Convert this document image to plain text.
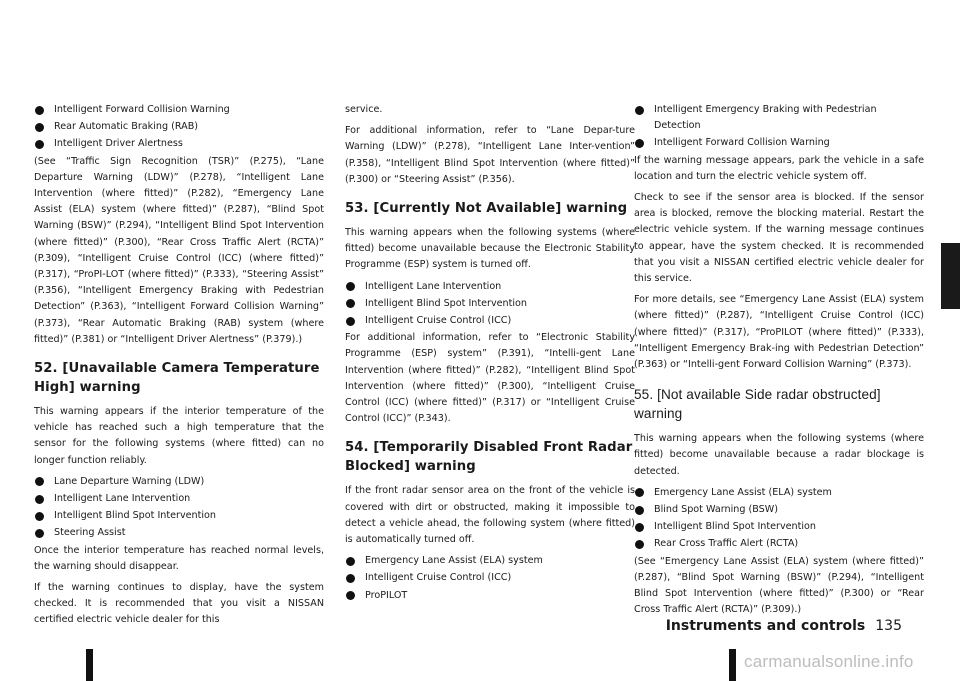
Intelligent Forward Collision Warning
Rear Automatic Braking (RAB)
Intelligent Driver Alertness

(See “Traffic Sign Recognition (TSR)” (P.275), “Lane Departure Warning (LDW)” (P.278), “Intelligent Lane Intervention (where fitted)” (P.282), “Emergency Lane Assist (ELA) system (where fitted)” (P.287), “Blind Spot Warning (BSW)” (P.294), “Intelligent Blind Spot Intervention (where fitted)” (P.300), “Rear Cross Traffic Alert (RCTA)” (P.309), “Intelligent Cruise Control (ICC) (where fitted)” (P.317), “ProPI-LOT (where fitted)” (P.333), “Steering Assist” (P.356), “Intelligent Emergency Braking with Pedestrian Detection” (P.363), “Intelligent Forward Collision Warning” (P.373), “Rear Automatic Braking (RAB) system (where fitted)” (P.381) or “Intelligent Driver Alertness” (P.379).)

52. [Unavailable Camera Temperature High] warning

This warning appears if the interior temperature of the vehicle has reached such a high temperature that the sensor for the following systems (where fitted) can no longer function reliably.

Lane Departure Warning (LDW)
Intelligent Lane Intervention
Intelligent Blind Spot Intervention
Steering Assist

Once the interior temperature has reached normal levels, the warning should disappear.

If the warning continues to display, have the system checked. It is recommended that you visit a NISSAN certified electric vehicle dealer for this

service.

For additional information, refer to “Lane Depar-ture Warning (LDW)” (P.278), “Intelligent Lane Inter-vention” (P.358), “Intelligent Blind Spot Intervention (where fitted)” (P.300) or “Steering Assist” (P.356).

53. [Currently Not Available] warning

This warning appears when the following systems (where fitted) become unavailable because the Electronic Stability Programme (ESP) system is turned off.

Intelligent Lane Intervention
Intelligent Blind Spot Intervention
Intelligent Cruise Control (ICC)

For additional information, refer to “Electronic Stability Programme (ESP) system” (P.391), “Intelli-gent Lane Intervention (where fitted)” (P.282), “Intelligent Blind Spot Intervention (where fitted)” (P.300), “Intelligent Cruise Control (ICC) (where fitted)” (P.317) or “Intelligent Cruise Control (ICC)” (P.343).

54. [Temporarily Disabled Front Radar Blocked] warning

If the front radar sensor area on the front of the vehicle is covered with dirt or obstructed, making it impossible to detect a vehicle ahead, the following system (where fitted) is automatically turned off.

Emergency Lane Assist (ELA) system
Intelligent Cruise Control (ICC)
ProPILOT
Intelligent Emergency Braking with Pedestrian Detection
Intelligent Forward Collision Warning

If the warning message appears, park the vehicle in a safe location and turn the electric vehicle system off.

Check to see if the sensor area is blocked. If the sensor area is blocked, remove the blocking material. Restart the electric vehicle system. If the warning message continues to appear, have the system checked. It is recommended that you visit a NISSAN certified electric vehicle dealer for this service.

For more details, see “Emergency Lane Assist (ELA) system (where fitted)” (P.287), “Intelligent Cruise Control (ICC) (where fitted)” (P.317), “ProPILOT (where fitted)” (P.333), “Intelligent Emergency Brak-ing with Pedestrian Detection” (P.363) or “Intelli-gent Forward Collision Warning” (P.373).

55. [Not available Side radar obstructed] warning

This warning appears when the following systems (where fitted) become unavailable because a radar blockage is detected.

Emergency Lane Assist (ELA) system
Blind Spot Warning (BSW)
Intelligent Blind Spot Intervention
Rear Cross Traffic Alert (RCTA)

(See “Emergency Lane Assist (ELA) system (where fitted)” (P.287), “Blind Spot Warning (BSW)” (P.294), “Intelligent Blind Spot Intervention (where fitted)” (P.300) or “Rear Cross Traffic Alert (RCTA)” (P.309).)

Instruments and controls 135
carmanualsonline.info
